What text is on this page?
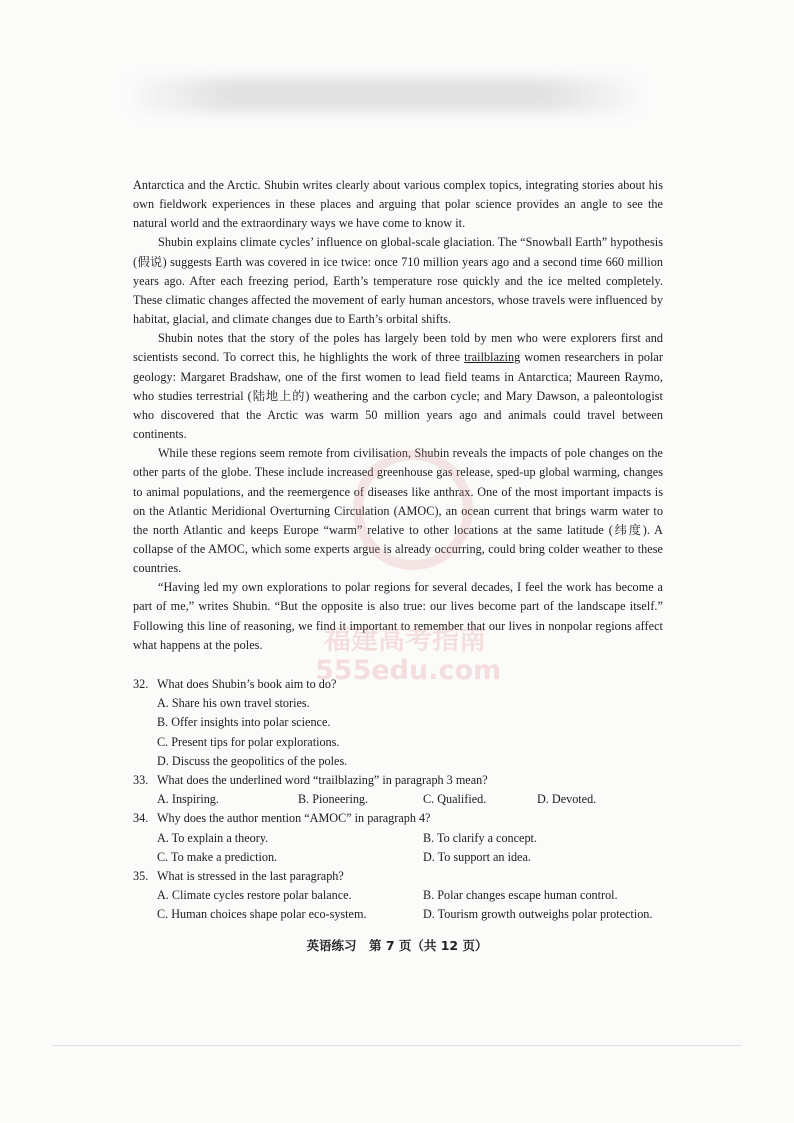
Antarctica and the Arctic. Shubin writes clearly about various complex topics, integrating stories about his own fieldwork experiences in these places and arguing that polar science provides an angle to see the natural world and the extraordinary ways we have come to know it.

Shubin explains climate cycles’ influence on global-scale glaciation. The “Snowball Earth” hypothesis (假说) suggests Earth was covered in ice twice: once 710 million years ago and a second time 660 million years ago. After each freezing period, Earth’s temperature rose quickly and the ice melted completely. These climatic changes affected the movement of early human ancestors, whose travels were influenced by habitat, glacial, and climate changes due to Earth’s orbital shifts.

Shubin notes that the story of the poles has largely been told by men who were explorers first and scientists second. To correct this, he highlights the work of three trailblazing women researchers in polar geology: Margaret Bradshaw, one of the first women to lead field teams in Antarctica; Maureen Raymo, who studies terrestrial (陆地上的) weathering and the carbon cycle; and Mary Dawson, a paleontologist who discovered that the Arctic was warm 50 million years ago and animals could travel between continents.

While these regions seem remote from civilisation, Shubin reveals the impacts of pole changes on the other parts of the globe. These include increased greenhouse gas release, sped-up global warming, changes to animal populations, and the reemergence of diseases like anthrax. One of the most important impacts is on the Atlantic Meridional Overturning Circulation (AMOC), an ocean current that brings warm water to the north Atlantic and keeps Europe “warm” relative to other locations at the same latitude (纬度). A collapse of the AMOC, which some experts argue is already occurring, could bring colder weather to these countries.

“Having led my own explorations to polar regions for several decades, I feel the work has become a part of me,” writes Shubin. “But the opposite is also true: our lives become part of the landscape itself.” Following this line of reasoning, we find it important to remember that our lives in nonpolar regions affect what happens at the poles.	福建高考指南
555edu.com
32. What does Shubin’s book aim to do?
A. Share his own travel stories.
B. Offer insights into polar science.
C. Present tips for polar explorations.
D. Discuss the geopolitics of the poles.
33. What does the underlined word “trailblazing” in paragraph 3 mean?
A. Inspiring.	B. Pioneering.	C. Qualified.	D. Devoted.
34. Why does the author mention “AMOC” in paragraph 4?
A. To explain a theory.	B. To clarify a concept.
C. To make a prediction.	D. To support an idea.
35. What is stressed in the last paragraph?
A. Climate cycles restore polar balance.	B. Polar changes escape human control.
C. Human choices shape polar eco-system.	D. Tourism growth outweighs polar protection.
英语练习　第 7 页（共 12 页）
